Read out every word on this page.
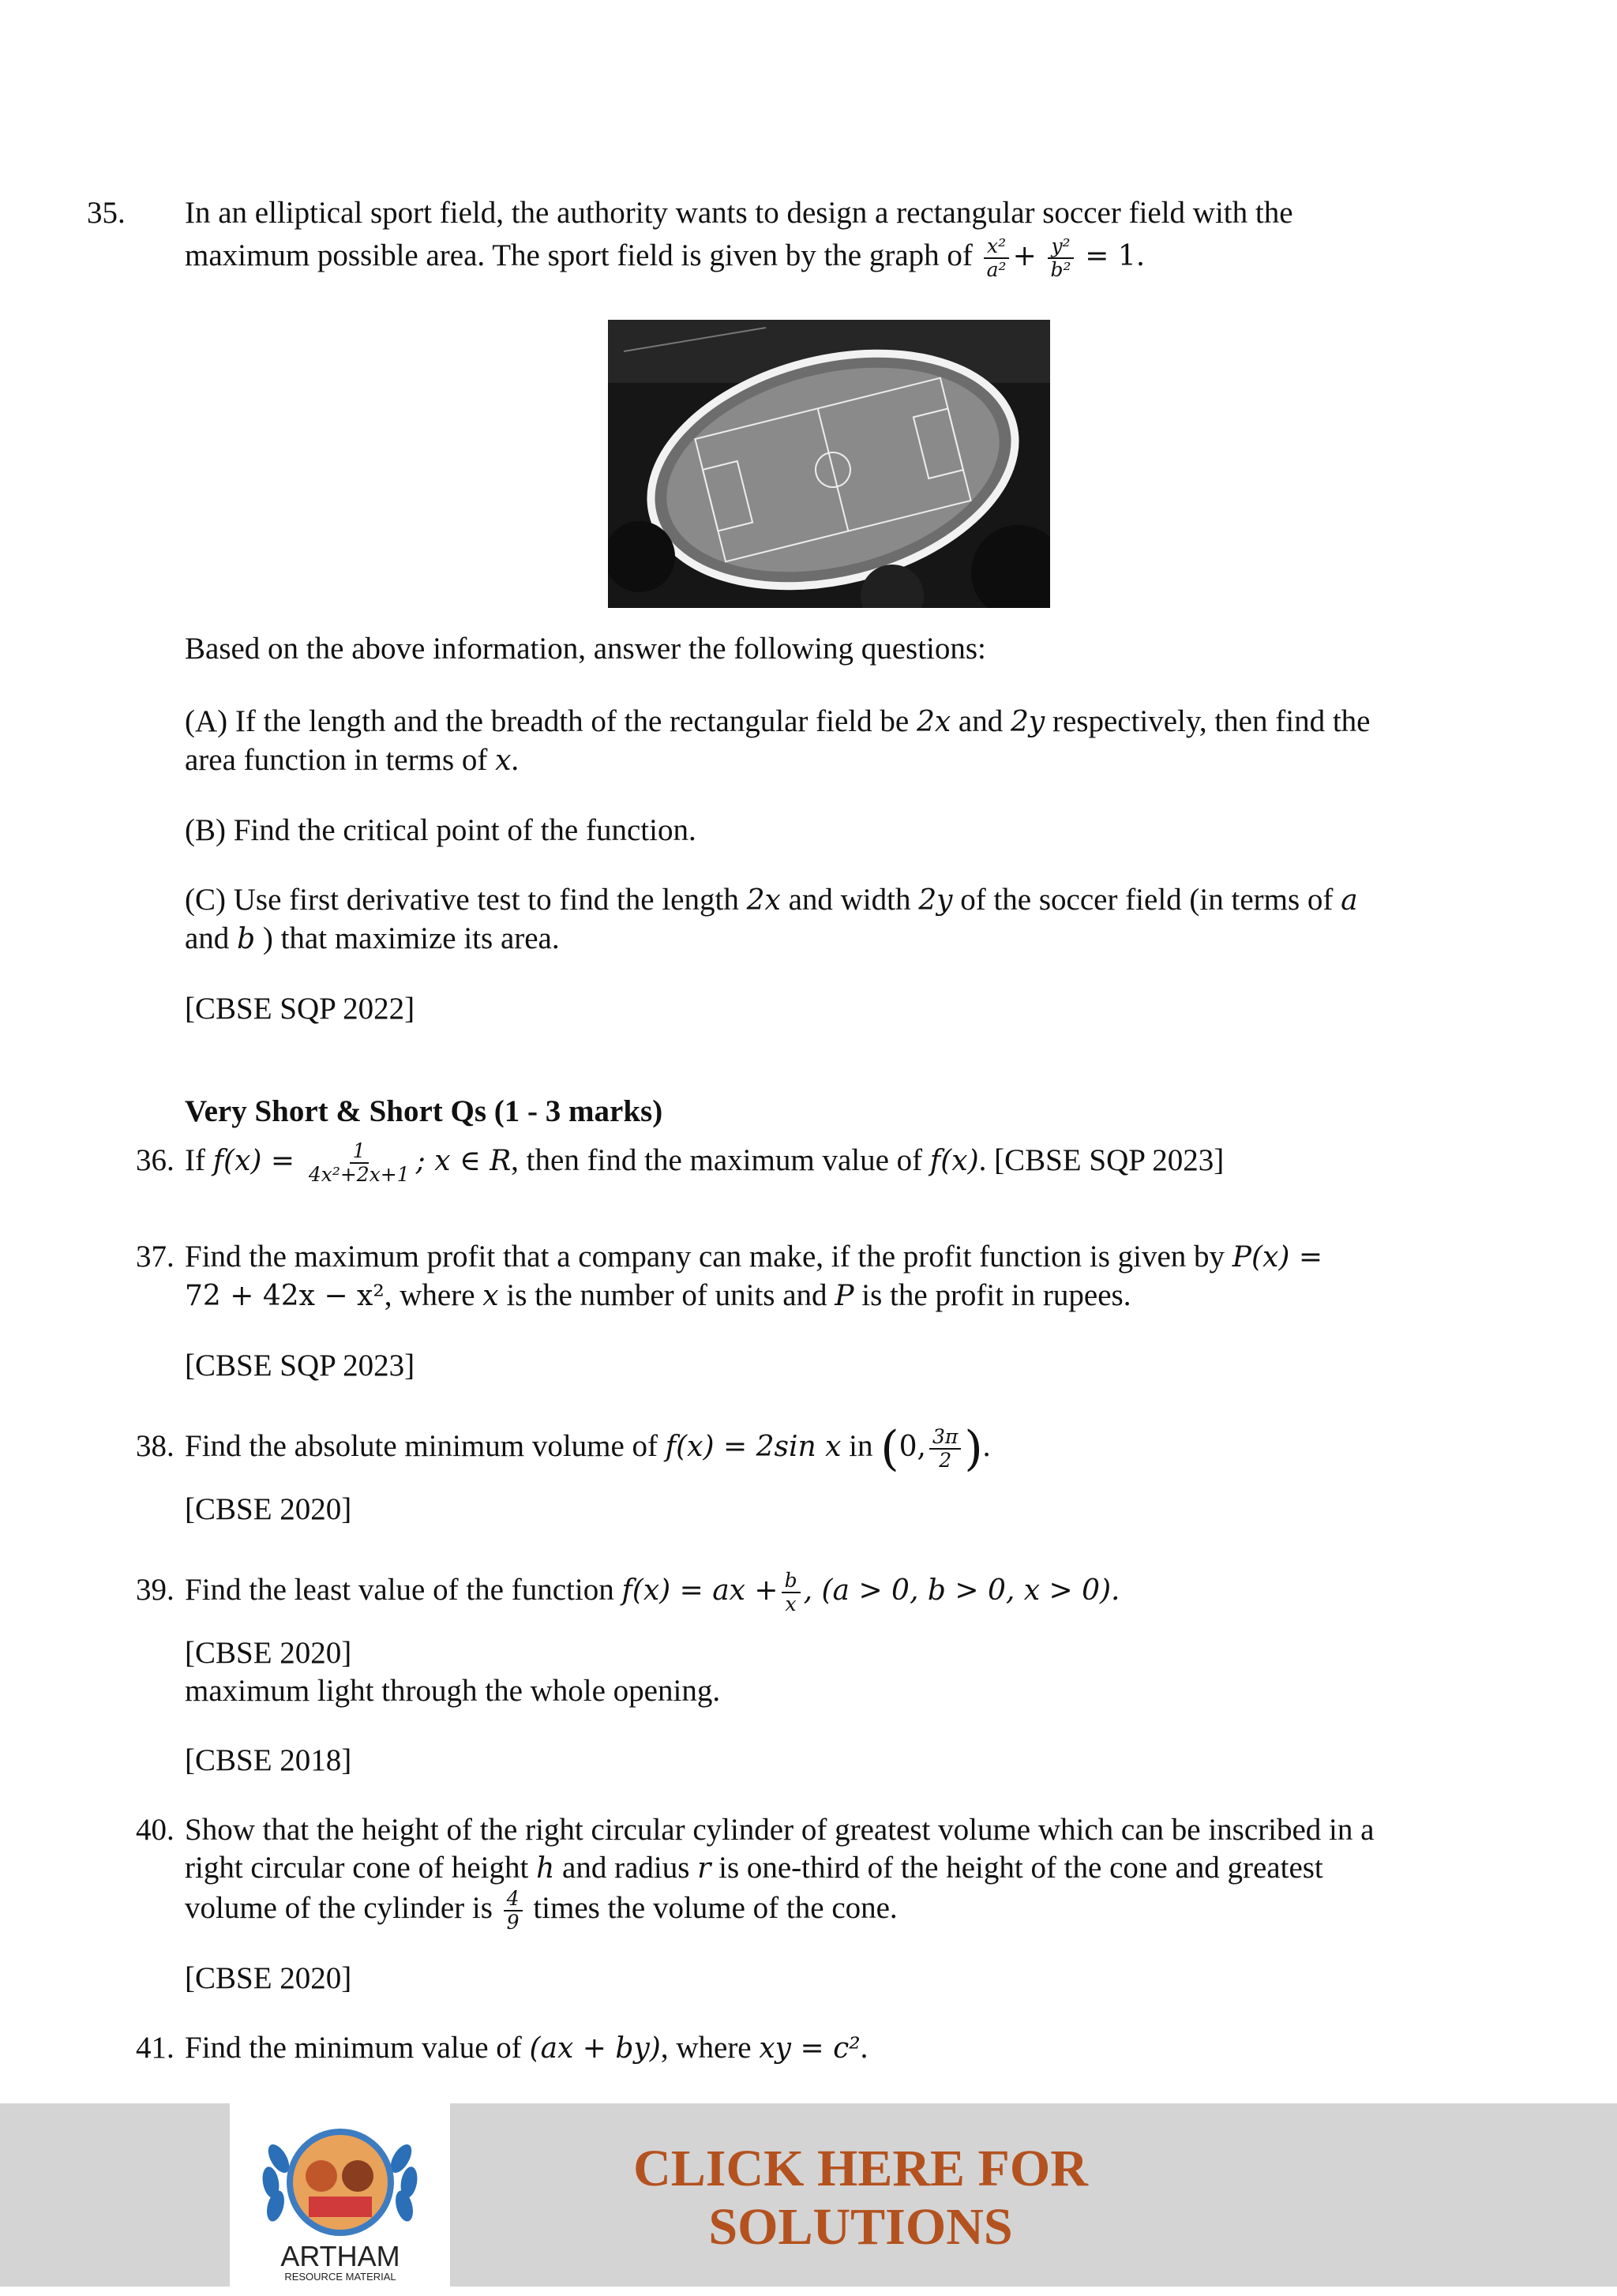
35. In an elliptical sport field, the authority wants to design a rectangular soccer field with the

maximum possible area. The sport field is given by the graph of $\frac{\text{x²}}{\text{a²}} + \frac{\text{y²}}{\text{b²}} = 1$.

Based on the above information, answer the following questions:

(A) If the length and the breadth of the rectangular field be 2x and 2y respectively, then find the
area function in terms of x.

(B) Find the critical point of the function.

(C) Use first derivative test to find the length 2x and width 2y of the soccer field (in terms of a
and b ) that maximize its area.

[CBSE SQP 2022]

Very Short & Short Qs (1 - 3 marks)

36. If $f(x) = \frac{1}{\text{4x²+2x+1}}$ ; x ∈ R, then find the maximum value of f(x). [CBSE SQP 2023]

37. Find the maximum profit that a company can make, if the profit function is given by P(x) =
72 + 42x − x², where x is the number of units and P is the profit in rupees.

[CBSE SQP 2023]

38. Find the absolute minimum volume of f(x) = 2sin x in (0, $\frac{3\pi}{2}$ ).

[CBSE 2020]

39. Find the least value of the function f(x) = ax + $\frac{b}{x}$ , (a > 0, b > 0, x > 0).

[CBSE 2020]

maximum light through the whole opening.

[CBSE 2018]

40. Show that the height of the right circular cylinder of greatest volume which can be inscribed in a
right circular cone of height h and radius r is one-third of the height of the cone and greatest
volume of the cylinder is $\frac{4}{9}$ times the volume of the cone.

[CBSE 2020]

41. Find the minimum value of (ax + by), where xy = c².

ARTHAM
RESOURCE MATERIAL
CLICK HERE FOR
SOLUTIONS
